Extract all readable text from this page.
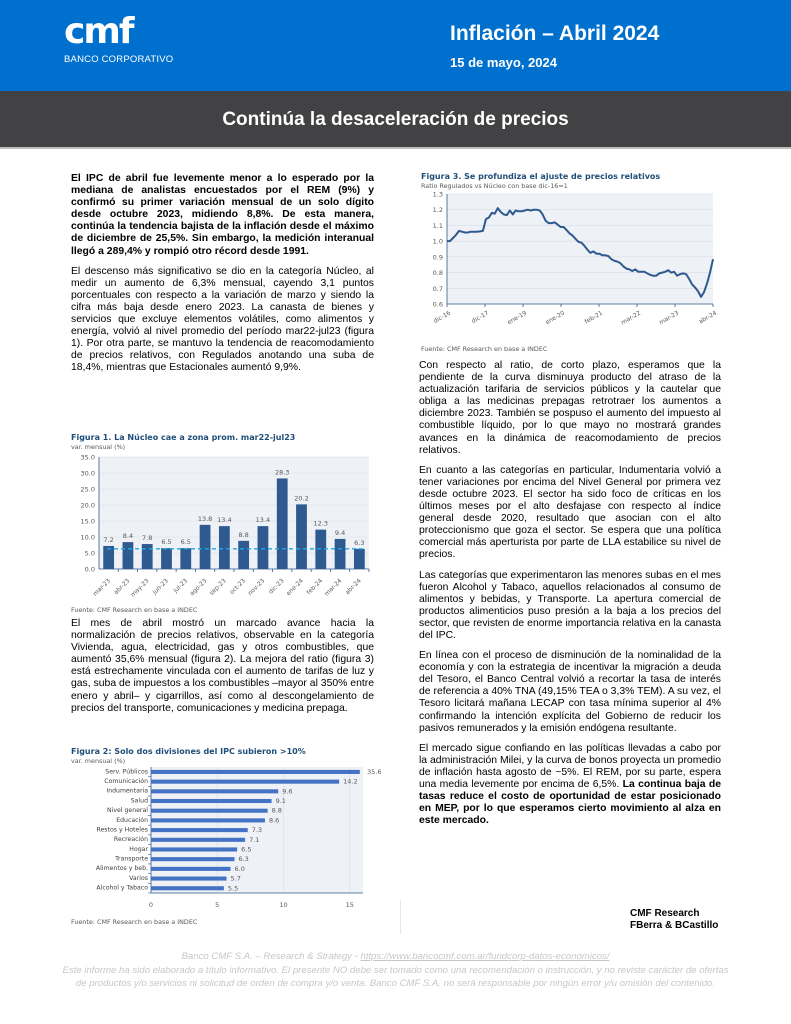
cmf
BANCO CORPORATIVO
Inflación – Abril 2024
15 de mayo, 2024
Continúa la desaceleración de precios

El IPC de abril fue levemente menor a lo esperado por la mediana de analistas encuestados por el REM (9%) y confirmó su primer variación mensual de un solo dígito desde octubre 2023, midiendo 8,8%. De esta manera, continúa la tendencia bajista de la inflación desde el máximo de diciembre de 25,5%. Sin embargo, la medición interanual llegó a 289,4% y rompió otro récord desde 1991.

El descenso más significativo se dio en la categoría Núcleo, al medir un aumento de 6,3% mensual, cayendo 3,1 puntos porcentuales con respecto a la variación de marzo y siendo la cifra más baja desde enero 2023. La canasta de bienes y servicios que excluye elementos volátiles, como alimentos y energía, volvió al nivel promedio del período mar22-jul23 (figura 1). Por otra parte, se mantuvo la tendencia de reacomodamiento de precios relativos, con Regulados anotando una suba de 18,4%, mientras que Estacionales aumentó 9,9%.

Figura 1. La Núcleo cae a zona prom. mar22-jul23
var. mensual (%)
0.0
5.0
10.0
15.0
20.0
25.0
30.0
35.0
7.2
mar-23
8.4
abr-23
7.8
may-23
6.5
jun-23
6.5
jul-23
13.8
ago-23
13.4
sep-23
8.8
oct-23
13.4
nov-23
28.3
dic-23
20.2
ene-24
12.3
feb-24
9.4
mar-24
6.3
abr-24
Fuente: CMF Research en base a INDEC

El mes de abril mostró un marcado avance hacia la normalización de precios relativos, observable en la categoría Vivienda, agua, electricidad, gas y otros combustibles, que aumentó 35,6% mensual (figura 2). La mejora del ratio (figura 3) está estrechamente vinculada con el aumento de tarifas de luz y gas, suba de impuestos a los combustibles –mayor al 350% entre enero y abril– y cigarrillos, así como al descongelamiento de precios del transporte, comunicaciones y medicina prepaga.

Figura 2: Solo dos divisiones del IPC subieron >10%
var. mensual (%)
0	5	10	15
Serv. Públicos	35.6
Comunicación	14.2
Indumentaria	9.6
Salud	9.1
Nivel general	8.8
Educación	8.6
Restos y Hoteles	7.3
Recreación	7.1
Hogar	6.5
Transporte	6.3
Alimentos y beb.	6.0
Varios	5.7
Alcohol y Tabaco	5.5
Fuente: CMF Research en base a INDEC
Figura 3. Se profundiza el ajuste de precios relativos
Ratio Regulados vs Núcleo con base dic-16=1
0.6
0.7
0.8
0.9
1.0
1.1
1.2
1.3
dic-16	dic-17	ene-19	ene-20	feb-21	mar-22	mar-23	abr-24
Fuente: CMF Research en base a INDEC

Con respecto al ratio, de corto plazo, esperamos que la pendiente de la curva disminuya producto del atraso de la actualización tarifaria de servicios públicos y la cautelar que obliga a las medicinas prepagas retrotraer los aumentos a diciembre 2023. También se pospuso el aumento del impuesto al combustible líquido, por lo que mayo no mostrará grandes avances en la dinámica de reacomodamiento de precios relativos.

En cuanto a las categorías en particular, Indumentaria volvió a tener variaciones por encima del Nivel General por primera vez desde octubre 2023. El sector ha sido foco de críticas en los últimos meses por el alto desfajase con respecto al índice general desde 2020, resultado que asocian con el alto proteccionismo que goza el sector. Se espera que una política comercial más aperturista por parte de LLA estabilice su nivel de precios.

Las categorías que experimentaron las menores subas en el mes fueron Alcohol y Tabaco, aquellos relacionados al consumo de alimentos y bebidas, y Transporte. La apertura comercial de productos alimenticios puso presión a la baja a los precios del sector, que revisten de enorme importancia relativa en la canasta del IPC.

En línea con el proceso de disminución de la nominalidad de la economía y con la estrategia de incentivar la migración a deuda del Tesoro, el Banco Central volvió a recortar la tasa de interés de referencia a 40% TNA (49,15% TEA o 3,3% TEM). A su vez, el Tesoro licitará mañana LECAP con tasa mínima superior al 4% confirmando la intención explícita del Gobierno de reducir los pasivos remunerados y la emisión endógena resultante.

El mercado sigue confiando en las políticas llevadas a cabo por la administración Milei, y la curva de bonos proyecta un promedio de inflación hasta agosto de ~5%. El REM, por su parte, espera una media levemente por encima de 6,5%. La continua baja de tasas reduce el costo de oportunidad de estar posicionado en MEP, por lo que esperamos cierto movimiento al alza en este mercado.

CMF Research
FBerra & BCastillo
Banco CMF S.A. – Research & Strategy - https://www.bancocmf.com.ar/fundcorp-datos-economicos/
Este informe ha sido elaborado a título informativo. El presente NO debe ser tomado como una recomendación o instrucción, y no reviste carácter de ofertas de productos y/o servicios ni solicitud de orden de compra y/o venta. Banco CMF S.A. no será responsable por ningún error y/u omisión del contenido.
